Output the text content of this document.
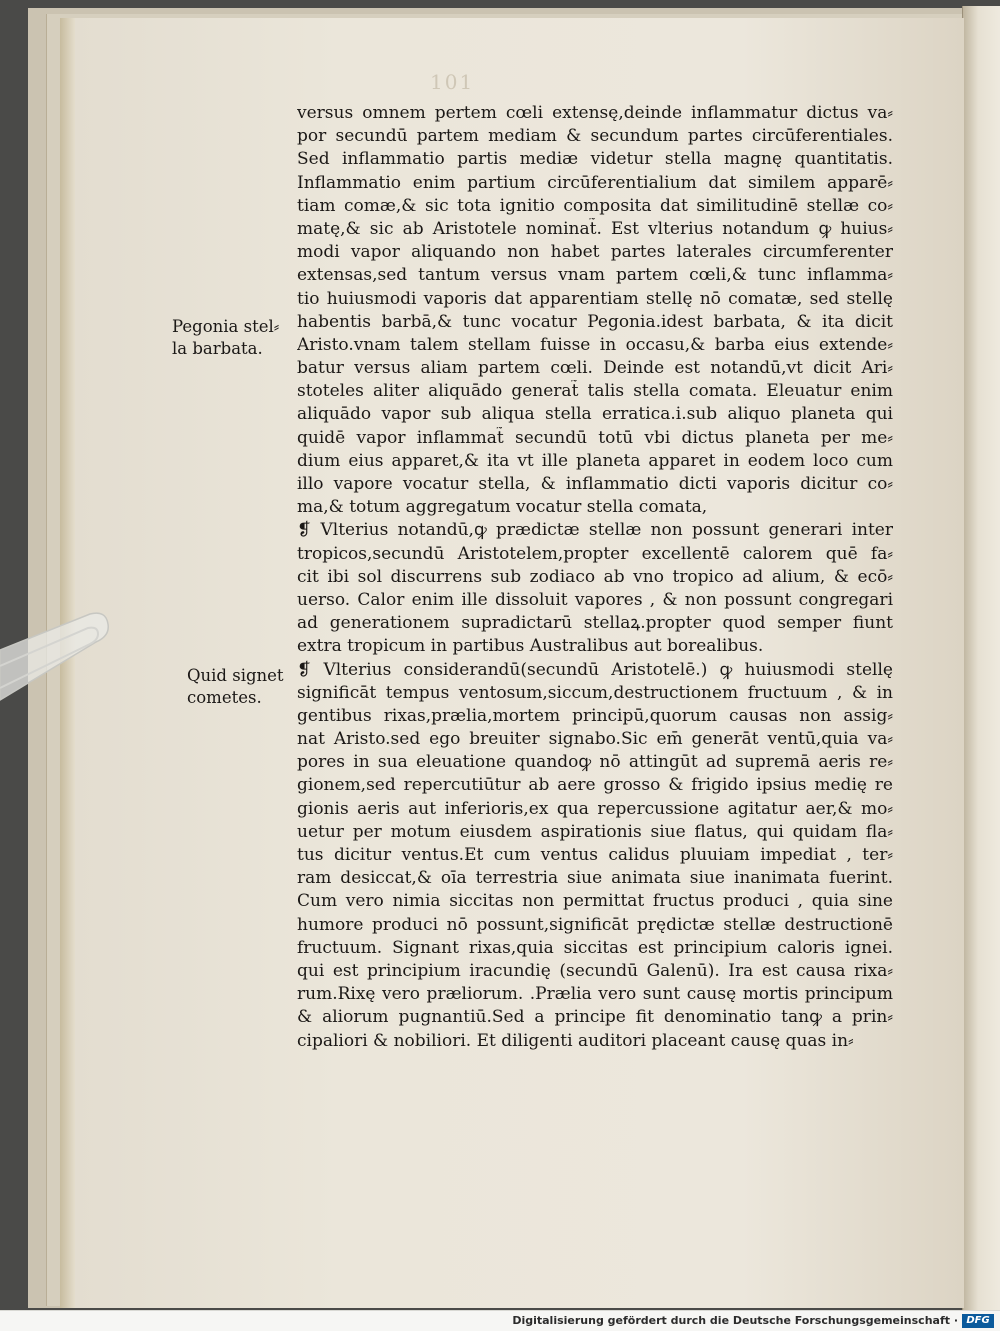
101
Pegonia stel⸗
la barbata.
Quid signet
cometes.
versus omnem pertem cœli extensę,deinde inflammatur dictus va⸗
por secundū partem mediam & secundum partes circūferentiales.
Sed inflammatio partis mediæ videtur stella magnę quantitatis.
Inflammatio enim partium circūferentialium dat similem apparē⸗
tiam comæ,& sic tota ignitio composita dat similitudinē stellæ co⸗
matę,& sic ab Aristotele nominat̃. Est vlterius notandum ꝙ huius⸗
modi vapor aliquando non habet partes laterales circumferenter
extensas,sed tantum versus vnam partem cœli,& tunc inflamma⸗
tio huiusmodi vaporis dat apparentiam stellę nō comatæ, sed stellę
habentis barbā,& tunc vocatur Pegonia.idest barbata, & ita dicit
Aristo.vnam talem stellam fuisse in occasu,& barba eius extende⸗
batur versus aliam partem cœli. Deinde est notandū,vt dicit Ari⸗
stoteles aliter aliquādo generat̃ talis stella comata. Eleuatur enim
aliquādo vapor sub aliqua stella erratica.i.sub aliquo planeta qui
quidē vapor inflammat̃ secundū totū vbi dictus planeta per me⸗
dium eius apparet,& ita vt ille planeta apparet in eodem loco cum
illo vapore vocatur stella, & inflammatio dicti vaporis dicitur co⸗
ma,& totum aggregatum vocatur stella comata,
❡ Vlterius notandū,ꝙ prædictæ stellæ non possunt generari inter
tropicos,secundū Aristotelem,propter excellentē calorem quē fa⸗
cit ibi sol discurrens sub zodiaco ab vno tropico ad alium, & ecō⸗
uerso. Calor enim ille dissoluit vapores , & non possunt congregari
ad generationem supradictarū stellaꝝ.propter quod semper fiunt
extra tropicum in partibus Australibus aut borealibus.
❡ Vlterius considerandū(secundū Aristotelē.) ꝙ huiusmodi stellę
significāt tempus ventosum,siccum,destructionem fructuum , & in
gentibus rixas,prælia,mortem principū,quorum causas non assig⸗
nat Aristo.sed ego breuiter signabo.Sic em̄ generāt ventū,quia va⸗
pores in sua eleuatione quandoꝙ nō attingūt ad supremā aeris re⸗
gionem,sed repercutiūtur ab aere grosso & frigido ipsius medię re
gionis aeris aut inferioris,ex qua repercussione agitatur aer,& mo⸗
uetur per motum eiusdem aspirationis siue flatus, qui quidam fla⸗
tus dicitur ventus.Et cum ventus calidus pluuiam impediat , ter⸗
ram desiccat,& oīa terrestria siue animata siue inanimata fuerint.
Cum vero nimia siccitas non permittat fructus produci , quia sine
humore produci nō possunt,significāt prędictæ stellæ destructionē
fructuum. Signant rixas,quia siccitas est principium caloris ignei.
qui est principium iracundię (secundū Galenū). Ira est causa rixa⸗
rum.Rixę vero præliorum. .Prælia vero sunt causę mortis principum
& aliorum pugnantiū.Sed a principe fit denominatio tanꝙ a prin⸗
cipaliori & nobiliori. Et diligenti auditori placeant causę quas in⸗
Digitalisierung gefördert durch die Deutsche Forschungsgemeinschaft · DFG
